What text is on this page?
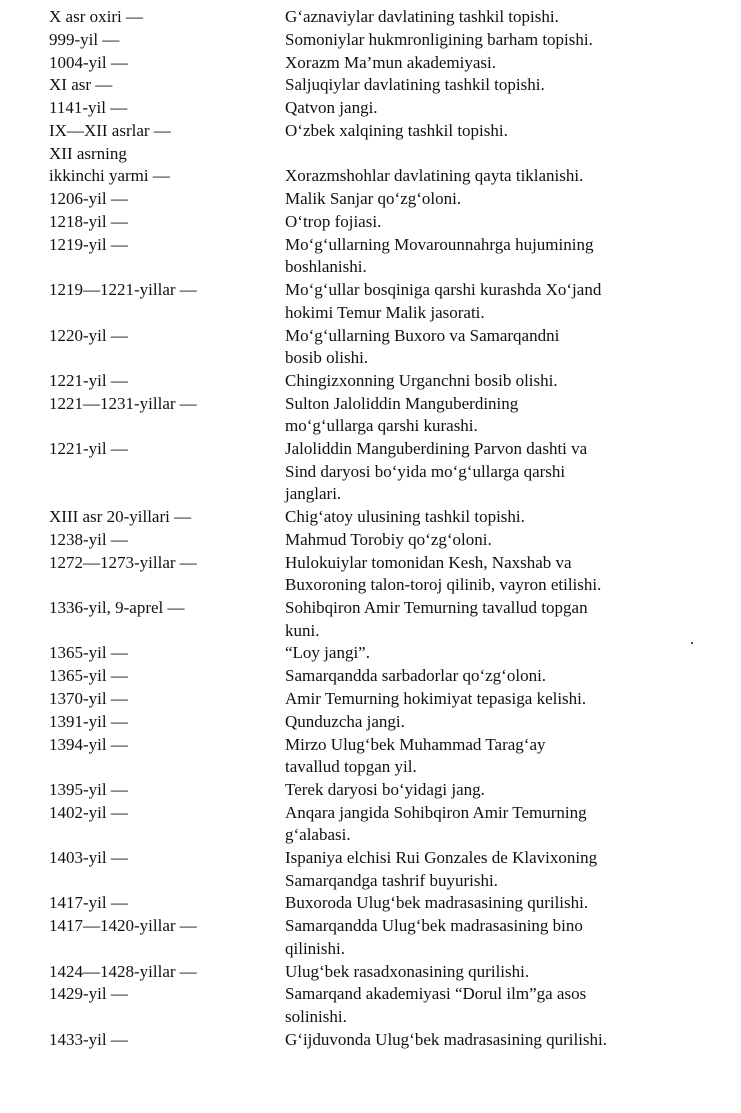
X asr oxiri —	G‘aznaviylar davlatining tashkil topishi.
999-yil —	Somoniylar hukmronligining barham topishi.
1004-yil —	Xorazm Ma’mun akademiyasi.
XI asr —	Saljuqiylar davlatining tashkil topishi.
1141-yil —	Qatvon jangi.
IX—XII asrlar —	O‘zbek xalqining tashkil topishi.
XII asrning
ikkinchi yarmi —	Xorazmshohlar davlatining qayta tiklanishi.
1206-yil —	Malik Sanjar qo‘zg‘oloni.
1218-yil —	O‘trор fojiasi.
1219-yil —	Mo‘g‘ullarning Movarounnahrga hujumining
boshlanishi.
1219—1221-yillar —	Mo‘g‘ullar bosqiniga qarshi kurashda Xo‘jand
hokimi Temur Malik jasorati.
1220-yil —	Mo‘g‘ullarning Buxoro va Samarqandni
bosib olishi.
1221-yil —	Chingizxonning Urganchni bosib olishi.
1221—1231-yillar —	Sulton Jaloliddin Manguberdining
mo‘g‘ullarga qarshi kurashi.
1221-yil —	Jaloliddin Manguberdining Parvon dashti va
Sind daryosi bo‘yida mo‘g‘ullarga qarshi
janglari.
XIII asr 20-yillari —	Chig‘atoy ulusining tashkil topishi.
1238-yil —	Mahmud Torobiy qo‘zg‘oloni.
1272—1273-yillar —	Hulokuiylar tomonidan Kesh, Naxshab va
Buxoroning talon-toroj qilinib, vayron etilishi.
1336-yil, 9-aprel —	Sohibqiron Amir Temurning tavallud topgan
kuni.
1365-yil —	“Loy jangi”.
1365-yil —	Samarqandda sarbadorlar qo‘zg‘oloni.
1370-yil —	Amir Temurning hokimiyat tepasiga kelishi.
1391-yil —	Qunduzcha jangi.
1394-yil —	Mirzo Ulug‘bek Muhammad Tarag‘ay
tavallud topgan yil.
1395-yil —	Terek daryosi bo‘yidagi jang.
1402-yil —	Anqara jangida Sohibqiron Amir Temurning
g‘alabasi.
1403-yil —	Ispaniya elchisi Rui Gonzales de Klavixoning
Samarqandga tashrif buyurishi.
1417-yil —	Buxoroda Ulug‘bek madrasasining qurilishi.
1417—1420-yillar —	Samarqandda Ulug‘bek madrasasining bino
qilinishi.
1424—1428-yillar —	Ulug‘bek rasadxonasining qurilishi.
1429-yil —	Samarqand akademiyasi “Dorul ilm”ga asos
solinishi.
1433-yil —	G‘ijduvonda Ulug‘bek madrasasining qurilishi.
.
